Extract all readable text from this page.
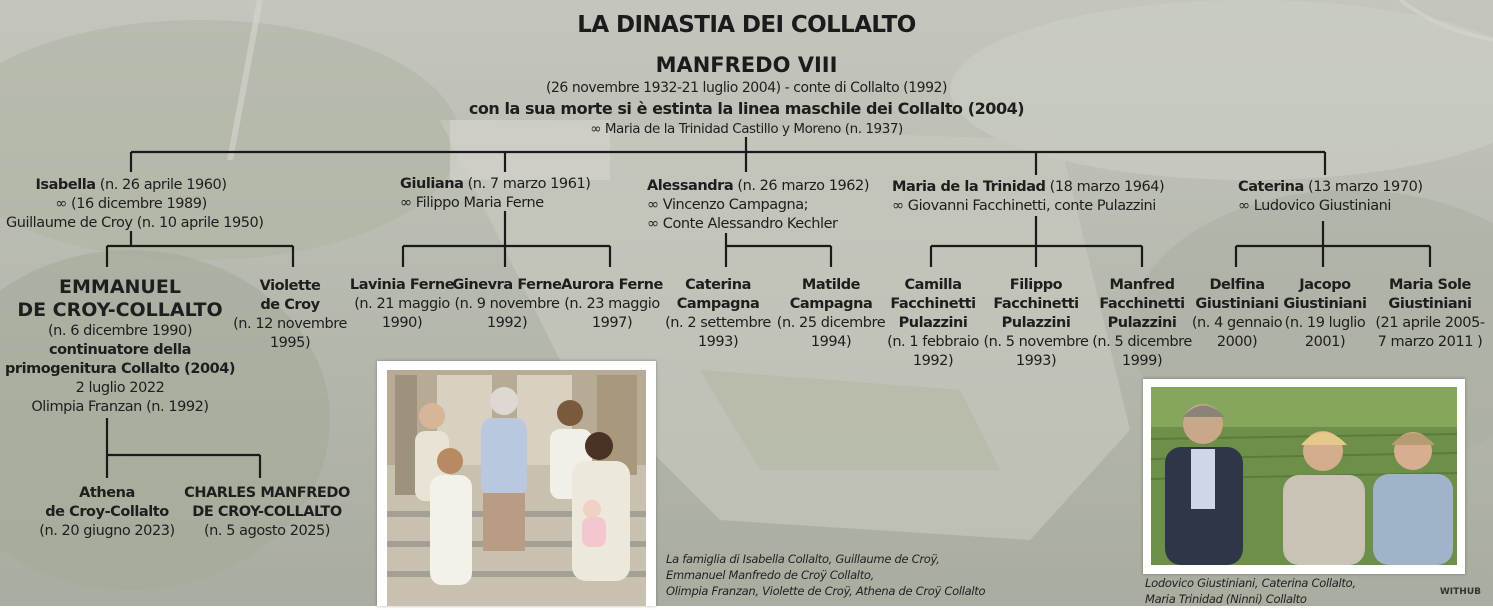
LA DINASTIA DEI COLLALTO
MANFREDO VIII
(26 novembre 1932-21 luglio 2004) - conte di Collalto (1992)
con la sua morte si è estinta la linea maschile dei Collalto (2004)
∞ Maria de la Trinidad Castillo y Moreno (n. 1937)
Isabella (n. 26 aprile 1960)
∞ (16 dicembre 1989)
Guillaume de Croy (n. 10 aprile 1950)
Giuliana (n. 7 marzo 1961)
∞ Filippo Maria Ferne
Alessandra (n. 26 marzo 1962)
∞ Vincenzo Campagna;
∞ Conte Alessandro Kechler
Maria de la Trinidad (18 marzo 1964)
∞ Giovanni Facchinetti, conte Pulazzini
Caterina (13 marzo 1970)
∞ Ludovico Giustiniani
EMMANUEL
DE CROY-COLLALTO
(n. 6 dicembre 1990)
continuatore della
primogenitura Collalto (2004)
2 luglio 2022
Olimpia Franzan (n. 1992)
Violette
de Croy
(n. 12 novembre
1995)
Lavinia Ferne
(n. 21 maggio
1990)
Ginevra Ferne
(n. 9 novembre
1992)
Aurora Ferne
(n. 23 maggio
1997)
Caterina
Campagna
(n. 2 settembre
1993)
Matilde
Campagna
(n. 25 dicembre
1994)
Camilla
Facchinetti
Pulazzini
(n. 1 febbraio
1992)
Filippo
Facchinetti
Pulazzini
(n. 5 novembre
1993)
Manfred
Facchinetti
Pulazzini
(n. 5 dicembre
1999)
Delfina
Giustiniani
(n. 4 gennaio
2000)
Jacopo
Giustiniani
(n. 19 luglio
2001)
Maria Sole
Giustiniani
(21 aprile 2005-
7 marzo 2011 )
Athena
de Croy-Collalto
(n. 20 giugno 2023)
CHARLES MANFREDO
DE CROY-COLLALTO
(n. 5 agosto 2025)
La famiglia di Isabella Collalto, Guillaume de Croÿ,
Emmanuel Manfredo de Croÿ Collalto,
Olimpia Franzan, Violette de Croÿ, Athena de Croÿ Collalto
Lodovico Giustiniani, Caterina Collalto,
Maria Trinidad (Ninni) Collalto	WITHUB
